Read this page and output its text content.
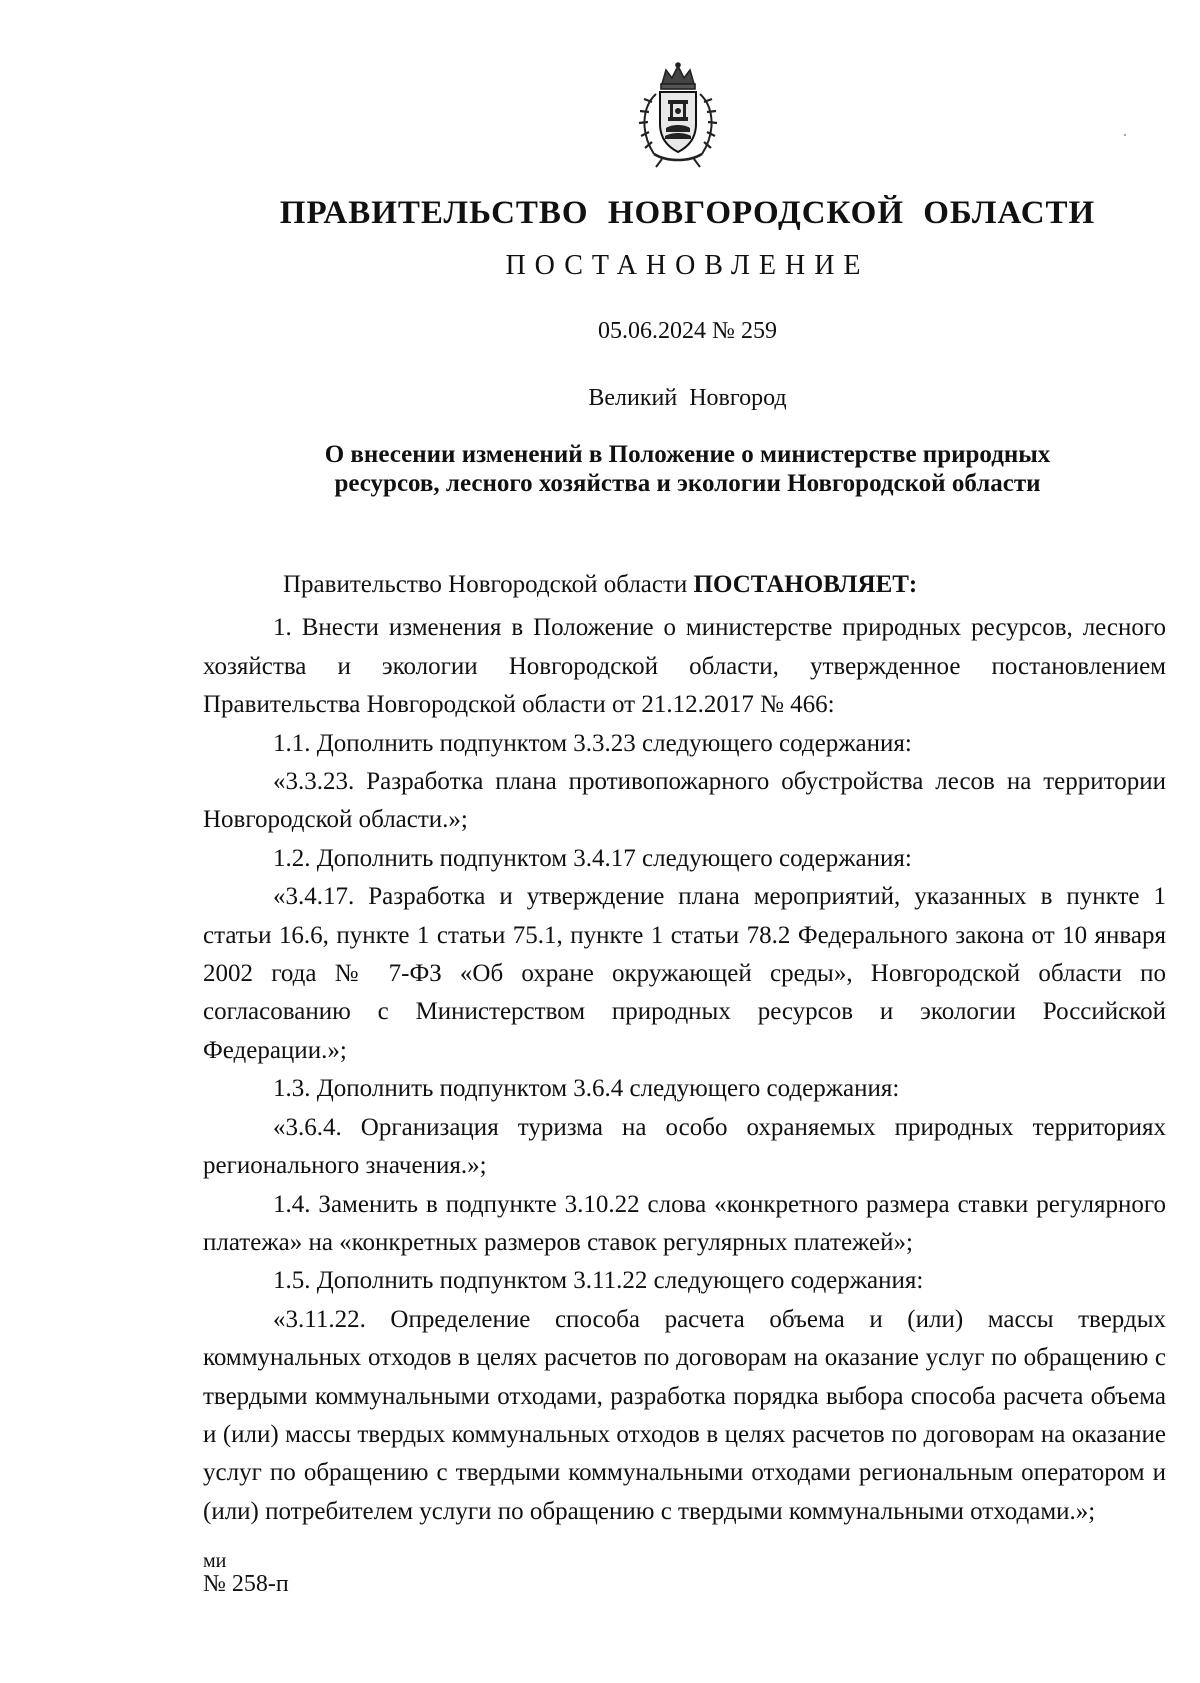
ПРАВИТЕЛЬСТВО НОВГОРОДСКОЙ ОБЛАСТИ
ПОСТАНОВЛЕНИЕ
05.06.2024 № 259
Великий Новгород
О внесении изменений в Положение о министерстве природных
ресурсов, лесного хозяйства и экологии Новгородской области

Правительство Новгородской области ПОСТАНОВЛЯЕТ:

1. Внести изменения в Положение о министерстве природных ресурсов, лесного хозяйства и экологии Новгородской области, утвержденное постановлением Правительства Новгородской области от 21.12.2017 № 466:

1.1. Дополнить подпунктом 3.3.23 следующего содержания:

«3.3.23. Разработка плана противопожарного обустройства лесов на территории Новгородской области.»;

1.2. Дополнить подпунктом 3.4.17 следующего содержания:

«3.4.17. Разработка и утверждение плана мероприятий, указанных в пункте 1 статьи 16.6, пункте 1 статьи 75.1, пункте 1 статьи 78.2 Федерального закона от 10 января 2002 года № 7-ФЗ «Об охране окружающей среды», Новгородской области по согласованию с Министерством природных ресурсов и экологии Российской Федерации.»;

1.3. Дополнить подпунктом 3.6.4 следующего содержания:

«3.6.4. Организация туризма на особо охраняемых природных территориях регионального значения.»;

1.4. Заменить в подпункте 3.10.22 слова «конкретного размера ставки регулярного платежа» на «конкретных размеров ставок регулярных платежей»;

1.5. Дополнить подпунктом 3.11.22 следующего содержания:

«3.11.22. Определение способа расчета объема и (или) массы твердых коммунальных отходов в целях расчетов по договорам на оказание услуг по обращению с твердыми коммунальными отходами, разработка порядка выбора способа расчета объема и (или) массы твердых коммунальных отходов в целях расчетов по договорам на оказание услуг по обращению с твердыми коммунальными отходами региональным оператором и (или) потребителем услуги по обращению с твердыми коммунальными отходами.»;

ми
№ 258-п
